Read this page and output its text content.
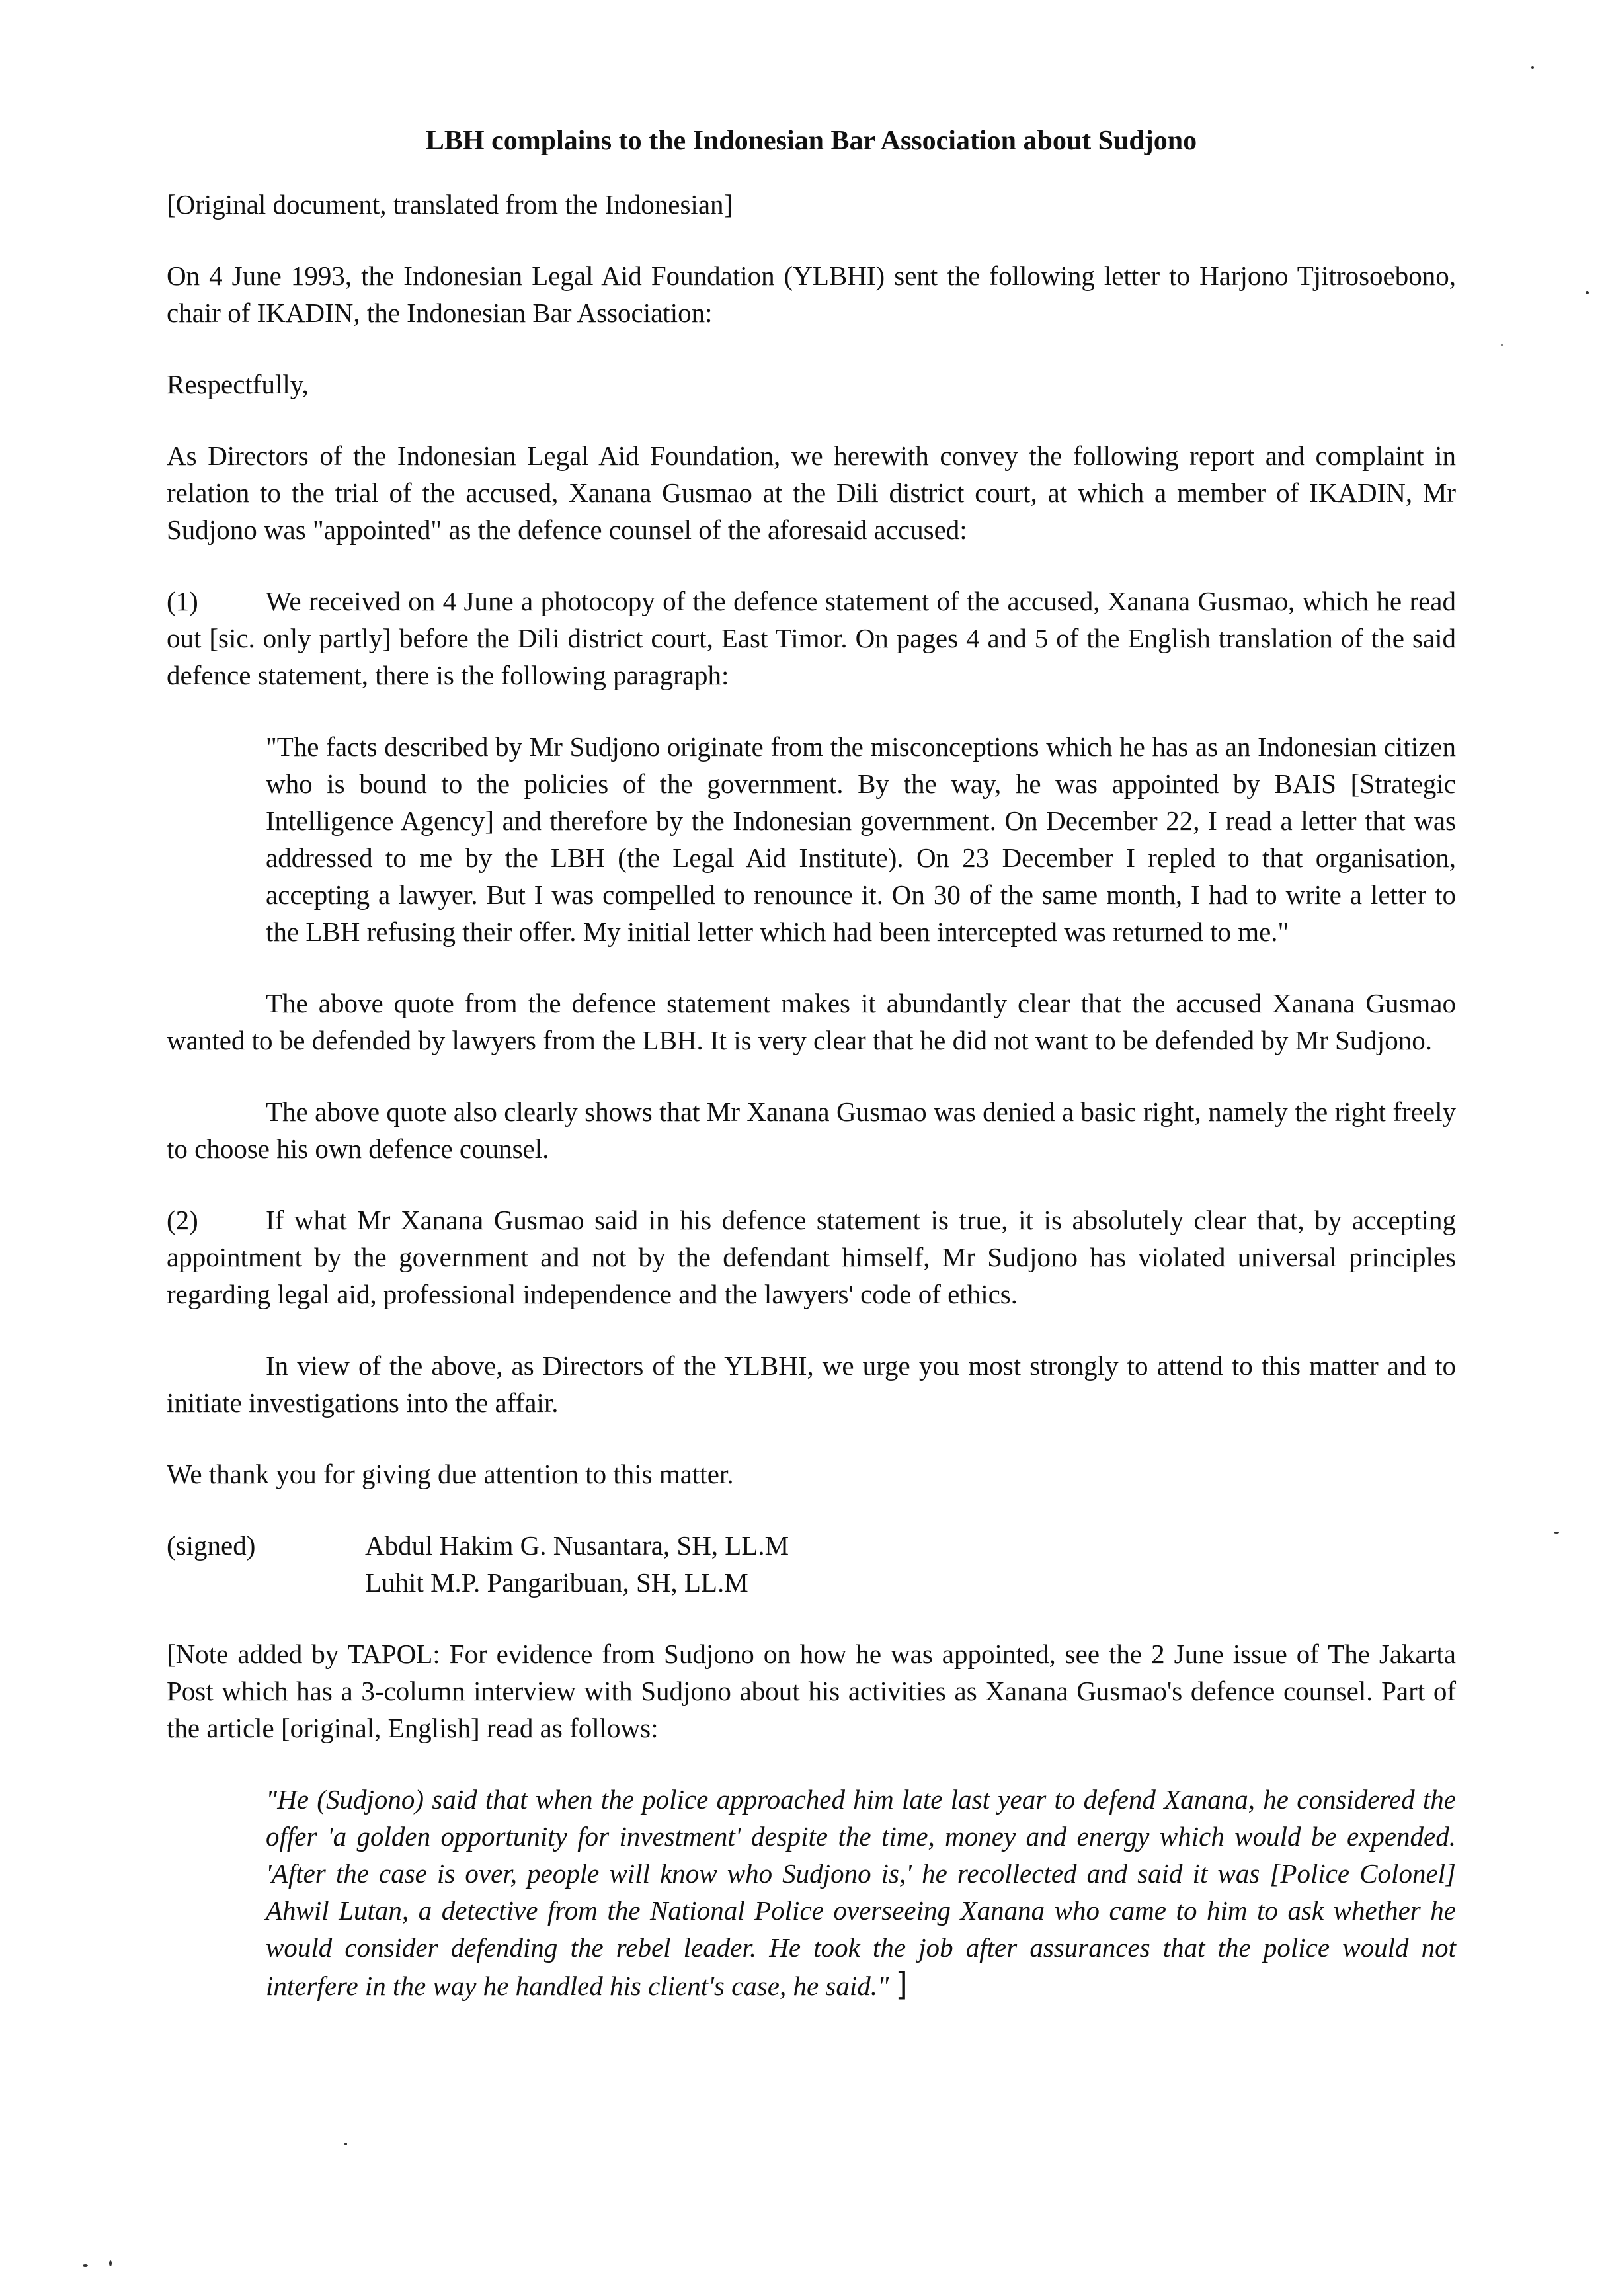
LBH complains to the Indonesian Bar Association about Sudjono

[Original document, translated from the Indonesian]

On 4 June 1993, the Indonesian Legal Aid Foundation (YLBHI) sent the following letter to Harjono Tjitrosoebono, chair of IKADIN, the Indonesian Bar Association:

Respectfully,

As Directors of the Indonesian Legal Aid Foundation, we herewith convey the following report and complaint in relation to the trial of the accused, Xanana Gusmao at the Dili district court, at which a member of IKADIN, Mr Sudjono was "appointed" as the defence counsel of the aforesaid accused:

(1) We received on 4 June a photocopy of the defence statement of the accused, Xanana Gusmao, which he read out [sic. only partly] before the Dili district court, East Timor. On pages 4 and 5 of the English translation of the said defence statement, there is the following paragraph:

"The facts described by Mr Sudjono originate from the misconceptions which he has as an Indonesian citizen who is bound to the policies of the government. By the way, he was appointed by BAIS [Strategic Intelligence Agency] and therefore by the Indonesian government. On December 22, I read a letter that was addressed to me by the LBH (the Legal Aid Institute). On 23 December I repled to that organisation, accepting a lawyer. But I was compelled to renounce it. On 30 of the same month, I had to write a letter to the LBH refusing their offer. My initial letter which had been intercepted was returned to me."

The above quote from the defence statement makes it abundantly clear that the accused Xanana Gusmao wanted to be defended by lawyers from the LBH. It is very clear that he did not want to be defended by Mr Sudjono.

The above quote also clearly shows that Mr Xanana Gusmao was denied a basic right, namely the right freely to choose his own defence counsel.

(2) If what Mr Xanana Gusmao said in his defence statement is true, it is absolutely clear that, by accepting appointment by the government and not by the defendant himself, Mr Sudjono has violated universal principles regarding legal aid, professional independence and the lawyers' code of ethics.

In view of the above, as Directors of the YLBHI, we urge you most strongly to attend to this matter and to initiate investigations into the affair.

We thank you for giving due attention to this matter.

(signed)	Abdul Hakim G. Nusantara, SH, LL.M
Luhit M.P. Pangaribuan, SH, LL.M

[Note added by TAPOL: For evidence from Sudjono on how he was appointed, see the 2 June issue of The Jakarta Post which has a 3-column interview with Sudjono about his activities as Xanana Gusmao's defence counsel. Part of the article [original, English] read as follows:

"He (Sudjono) said that when the police approached him late last year to defend Xanana, he considered the offer 'a golden opportunity for investment' despite the time, money and energy which would be expended. 'After the case is over, people will know who Sudjono is,' he recollected and said it was [Police Colonel] Ahwil Lutan, a detective from the National Police overseeing Xanana who came to him to ask whether he would consider defending the rebel leader. He took the job after assurances that the police would not interfere in the way he handled his client's case, he said." ]
